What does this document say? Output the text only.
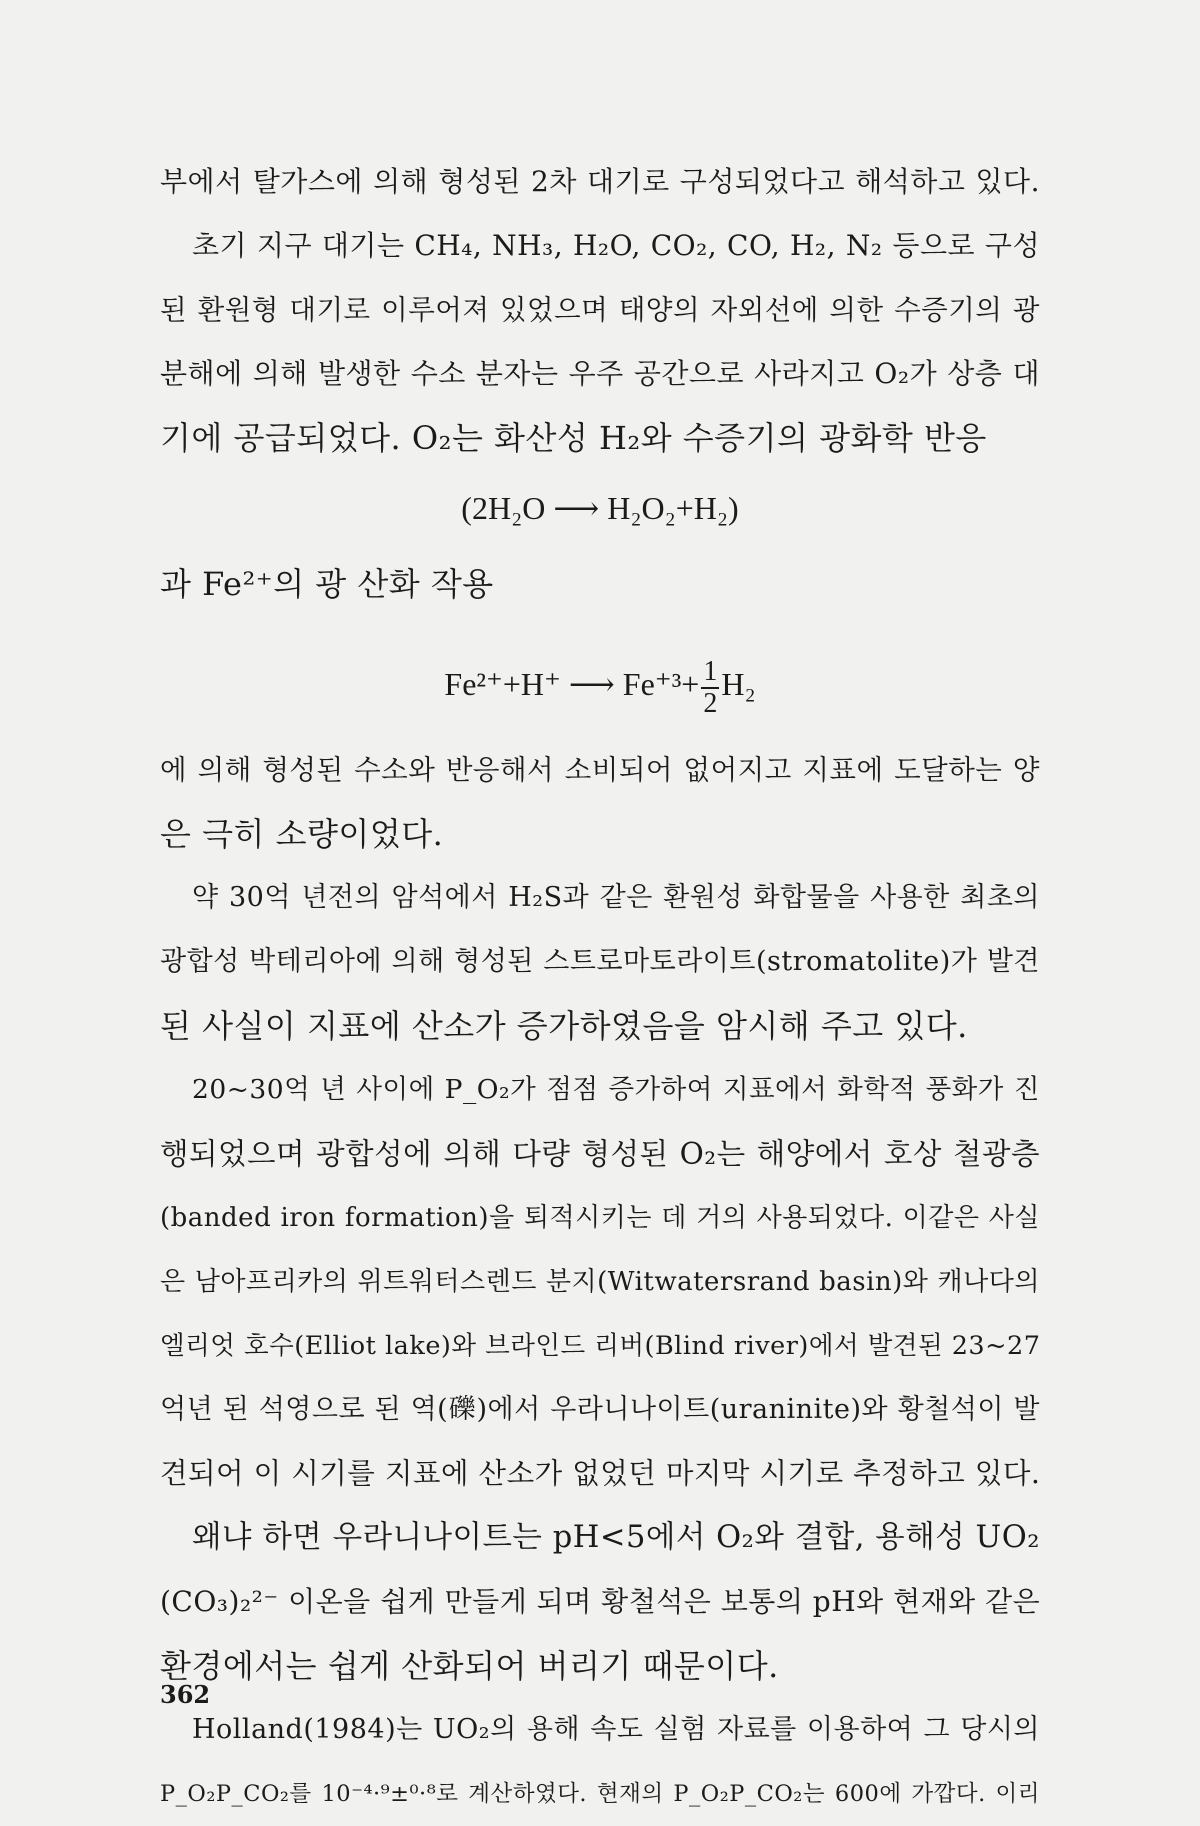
부에서 탈가스에 의해 형성된 2차 대기로 구성되었다고 해석하고 있다.
초기 지구 대기는 CH₄, NH₃, H₂O, CO₂, CO, H₂, N₂ 등으로 구성
된 환원형 대기로 이루어져 있었으며 태양의 자외선에 의한 수증기의 광
분해에 의해 발생한 수소 분자는 우주 공간으로 사라지고 O₂가 상층 대
기에 공급되었다. O₂는 화산성 H₂와 수증기의 광화학 반응
(2H₂O ⟶ H₂O₂+H₂)
과 Fe²⁺의 광 산화 작용
Fe²⁺+H⁺ ⟶ $Fe^{+3}+ \frac{1}{2} H_2$
에 의해 형성된 수소와 반응해서 소비되어 없어지고 지표에 도달하는 양
은 극히 소량이었다.
약 30억 년전의 암석에서 H₂S과 같은 환원성 화합물을 사용한 최초의
광합성 박테리아에 의해 형성된 스트로마토라이트(stromatolite)가 발견
된 사실이 지표에 산소가 증가하였음을 암시해 주고 있다.
20~30억 년 사이에 P_O₂가 점점 증가하여 지표에서 화학적 풍화가 진
행되었으며 광합성에 의해 다량 형성된 O₂는 해양에서 호상 철광층
(banded iron formation)을 퇴적시키는 데 거의 사용되었다. 이같은 사실
은 남아프리카의 위트워터스렌드 분지(Witwatersrand basin)와 캐나다의
엘리엇 호수(Elliot lake)와 브라인드 리버(Blind river)에서 발견된 23~27
억년 된 석영으로 된 역(礫)에서 우라니나이트(uraninite)와 황철석이 발
견되어 이 시기를 지표에 산소가 없었던 마지막 시기로 추정하고 있다.
왜냐 하면 우라니나이트는 pH<5에서 O₂와 결합, 용해성 UO₂
(CO₃)₂²⁻ 이온을 쉽게 만들게 되며 황철석은 보통의 pH와 현재와 같은
환경에서는 쉽게 산화되어 버리기 때문이다.
Holland(1984)는 UO₂의 용해 속도 실험 자료를 이용하여 그 당시의
P_O₂P_CO₂를 10⁻⁴·⁹±⁰·⁸로 계산하였다. 현재의 P_O₂P_CO₂는 600에 가깝다. 이리
362
